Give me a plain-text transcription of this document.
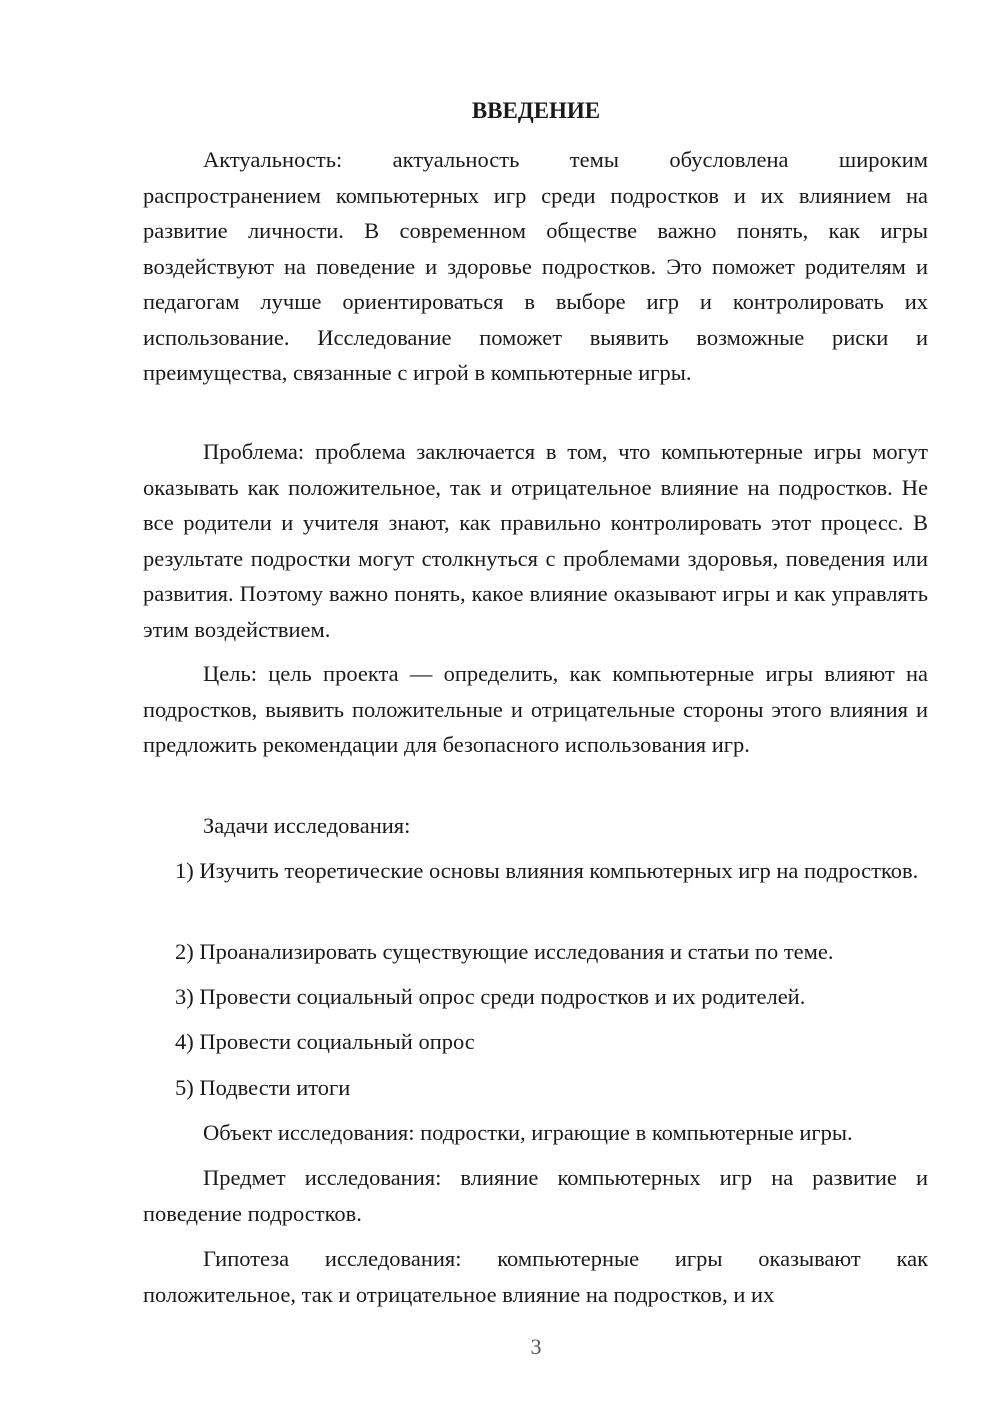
ВВЕДЕНИЕ

Актуальность: актуальность темы обусловлена широким распространением компьютерных игр среди подростков и их влиянием на развитие личности. В современном обществе важно понять, как игры воздействуют на поведение и здоровье подростков. Это поможет родителям и педагогам лучше ориентироваться в выборе игр и контролировать их использование. Исследование поможет выявить возможные риски и преимущества, связанные с игрой в компьютерные игры.

Проблема: проблема заключается в том, что компьютерные игры могут оказывать как положительное, так и отрицательное влияние на подростков. Не все родители и учителя знают, как правильно контролировать этот процесс. В результате подростки могут столкнуться с проблемами здоровья, поведения или развития. Поэтому важно понять, какое влияние оказывают игры и как управлять этим воздействием.

Цель: цель проекта — определить, как компьютерные игры влияют на подростков, выявить положительные и отрицательные стороны этого влияния и предложить рекомендации для безопасного использования игр.

Задачи исследования:

1) Изучить теоретические основы влияния компьютерных игр на подростков.

2) Проанализировать существующие исследования и статьи по теме.

3) Провести социальный опрос среди подростков и их родителей.

4) Провести социальный опрос

5) Подвести итоги

Объект исследования: подростки, играющие в компьютерные игры.

Предмет исследования: влияние компьютерных игр на развитие и поведение подростков.

Гипотеза исследования: компьютерные игры оказывают как положительное, так и отрицательное влияние на подростков, и их

3
